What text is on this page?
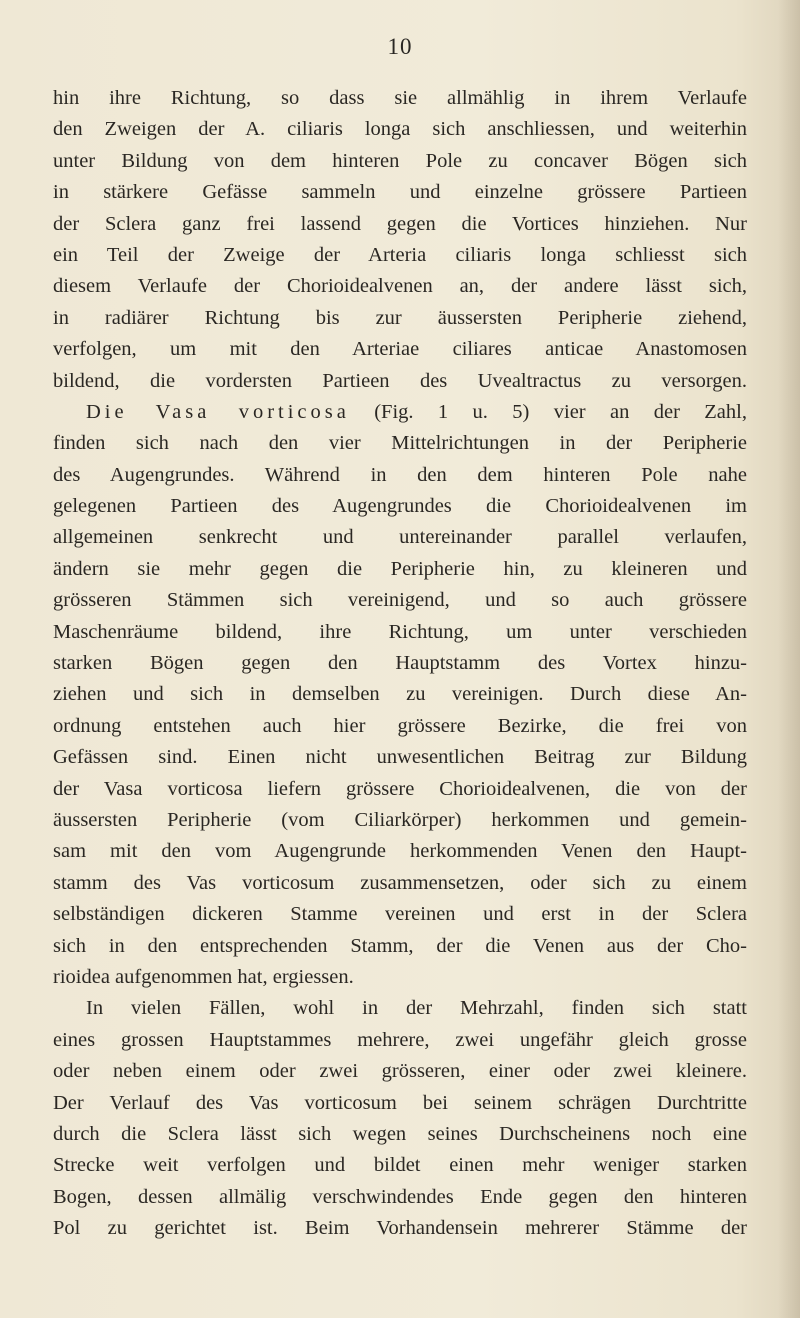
10
hin ihre Richtung, so dass sie allmählig in ihrem Verlaufe
den Zweigen der A. ciliaris longa sich anschliessen, und weiterhin
unter Bildung von dem hinteren Pole zu concaver Bögen sich
in stärkere Gefässe sammeln und einzelne grössere Partieen
der Sclera ganz frei lassend gegen die Vortices hinziehen. Nur
ein Teil der Zweige der Arteria ciliaris longa schliesst sich
diesem Verlaufe der Chorioidealvenen an, der andere lässt sich,
in radiärer Richtung bis zur äussersten Peripherie ziehend,
verfolgen, um mit den Arteriae ciliares anticae Anastomosen
bildend, die vordersten Partieen des Uvealtractus zu versorgen.
Die Vasa vorticosa (Fig. 1 u. 5) vier an der Zahl,
finden sich nach den vier Mittelrichtungen in der Peripherie
des Augengrundes. Während in den dem hinteren Pole nahe
gelegenen Partieen des Augengrundes die Chorioidealvenen im
allgemeinen senkrecht und untereinander parallel verlaufen,
ändern sie mehr gegen die Peripherie hin, zu kleineren und
grösseren Stämmen sich vereinigend, und so auch grössere
Maschenräume bildend, ihre Richtung, um unter verschieden
starken Bögen gegen den Hauptstamm des Vortex hinzu-
ziehen und sich in demselben zu vereinigen. Durch diese An-
ordnung entstehen auch hier grössere Bezirke, die frei von
Gefässen sind. Einen nicht unwesentlichen Beitrag zur Bildung
der Vasa vorticosa liefern grössere Chorioidealvenen, die von der
äussersten Peripherie (vom Ciliarkörper) herkommen und gemein-
sam mit den vom Augengrunde herkommenden Venen den Haupt-
stamm des Vas vorticosum zusammensetzen, oder sich zu einem
selbständigen dickeren Stamme vereinen und erst in der Sclera
sich in den entsprechenden Stamm, der die Venen aus der Cho-
rioidea aufgenommen hat, ergiessen.
In vielen Fällen, wohl in der Mehrzahl, finden sich statt
eines grossen Hauptstammes mehrere, zwei ungefähr gleich grosse
oder neben einem oder zwei grösseren, einer oder zwei kleinere.
Der Verlauf des Vas vorticosum bei seinem schrägen Durchtritte
durch die Sclera lässt sich wegen seines Durchscheinens noch eine
Strecke weit verfolgen und bildet einen mehr weniger starken
Bogen, dessen allmälig verschwindendes Ende gegen den hinteren
Pol zu gerichtet ist. Beim Vorhandensein mehrerer Stämme der
